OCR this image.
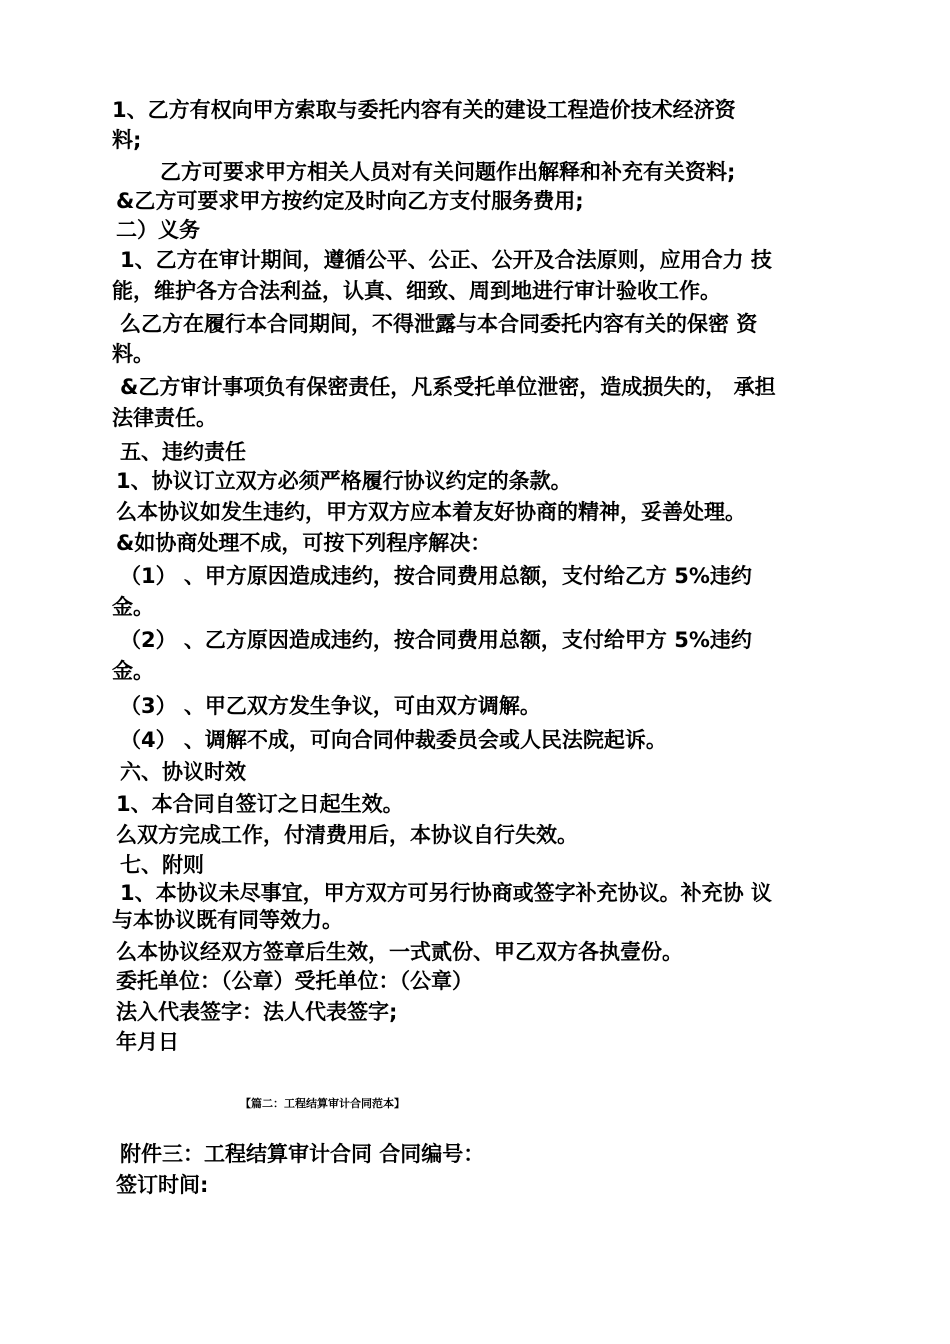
1、乙方有权向甲方索取与委托内容有关的建设工程造价技术经济资
料;
乙方可要求甲方相关人员对有关问题作出解释和补充有关资料;
&乙方可要求甲方按约定及时向乙方支付服务费用;
二）义务
1、乙方在审计期间，遵循公平、公正、公开及合法原则，应用合力 技
能，维护各方合法利益，认真、细致、周到地进行审计验收工作。
么乙方在履行本合同期间，不得泄露与本合同委托内容有关的保密 资
料。
&乙方审计事项负有保密责任，凡系受托单位泄密，造成损失的， 承担
法律责任。
五、违约责任
1、协议订立双方必须严格履行协议约定的条款。
么本协议如发生违约，甲方双方应本着友好协商的精神，妥善处理。
&如协商处理不成，可按下列程序解决：
（1） 、甲方原因造成违约，按合同费用总额，支付给乙方 5%违约
金。
（2） 、乙方原因造成违约，按合同费用总额，支付给甲方 5%违约
金。
（3） 、甲乙双方发生争议，可由双方调解。
（4） 、调解不成，可向合同仲裁委员会或人民法院起诉。
六、协议时效
1、本合同自签订之日起生效。
么双方完成工作，付清费用后，本协议自行失效。
七、附则
1、本协议未尽事宜，甲方双方可另行协商或签字补充协议。补充协 议
与本协议既有同等效力。
么本协议经双方签章后生效，一式贰份、甲乙双方各执壹份。
委托单位：（公章）受托单位：（公章）
法入代表签字：法人代表签字;
年月日
【篇二：工程结算审计合同范本】
附件三：工程结算审计合同 合同编号：
签订时间:
